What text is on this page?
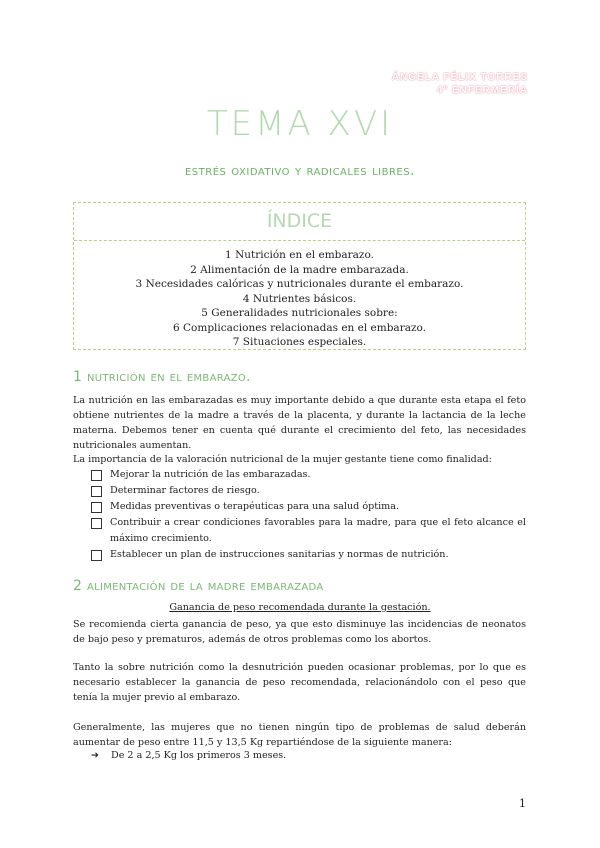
ÁNGELA FÉLIX TORRES
4º ENFERMERÍA
TEMA XVI
estrés oxidativo y radicales libres.
ÍNDICE
1 Nutrición en el embarazo.
2 Alimentación de la madre embarazada.
3 Necesidades calóricas y nutricionales durante el embarazo.
4 Nutrientes básicos.
5 Generalidades nutricionales sobre:
6 Complicaciones relacionadas en el embarazo.
7 Situaciones especiales.
1 nutrición en el embarazo.

La nutrición en las embarazadas es muy importante debido a que durante esta etapa el feto obtiene nutrientes de la madre a través de la placenta, y durante la lactancia de la leche materna. Debemos tener en cuenta qué durante el crecimiento del feto, las necesidades nutricionales aumentan.

La importancia de la valoración nutricional de la mujer gestante tiene como finalidad:

Mejorar la nutrición de las embarazadas.
Determinar factores de riesgo.
Medidas preventivas o terapéuticas para una salud óptima.
Contribuir a crear condiciones favorables para la madre, para que el feto alcance el máximo crecimiento.
Establecer un plan de instrucciones sanitarias y normas de nutrición.
2 alimentación de la madre embarazada
Ganancia de peso recomendada durante la gestación.

Se recomienda cierta ganancia de peso, ya que esto disminuye las incidencias de neonatos de bajo peso y prematuros, además de otros problemas como los abortos.

Tanto la sobre nutrición como la desnutrición pueden ocasionar problemas, por lo que es necesario establecer la ganancia de peso recomendada, relacionándolo con el peso que tenía la mujer previo al embarazo.

Generalmente, las mujeres que no tienen ningún tipo de problemas de salud deberán aumentar de peso entre 11,5 y 13,5 Kg repartiéndose de la siguiente manera:

➔	De 2 a 2,5 Kg los primeros 3 meses.
1
